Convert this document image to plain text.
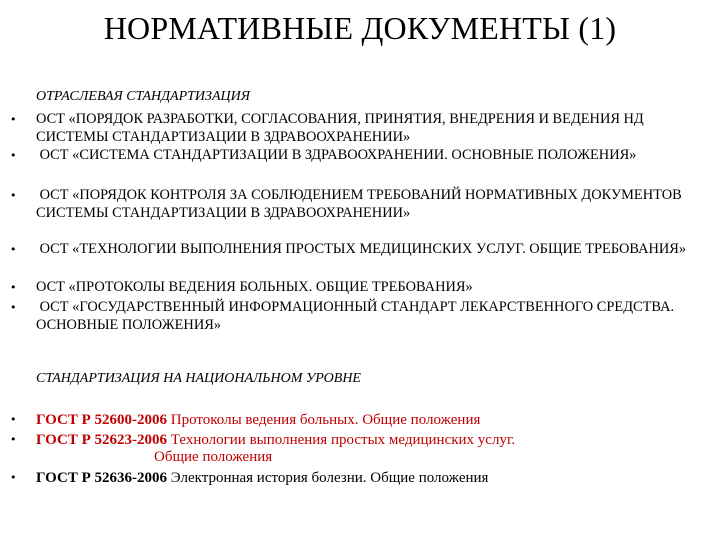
НОРМАТИВНЫЕ ДОКУМЕНТЫ (1)
ОТРАСЛЕВАЯ СТАНДАРТИЗАЦИЯ
• ОСТ «ПОРЯДОК РАЗРАБОТКИ, СОГЛАСОВАНИЯ, ПРИНЯТИЯ, ВНЕДРЕНИЯ И ВЕДЕНИЯ НД СИСТЕМЫ СТАНДАРТИЗАЦИИ В ЗДРАВООХРАНЕНИИ»
• ОСТ «СИСТЕМА СТАНДАРТИЗАЦИИ В ЗДРАВООХРАНЕНИИ. ОСНОВНЫЕ ПОЛОЖЕНИЯ»
• ОСТ «ПОРЯДОК КОНТРОЛЯ ЗА СОБЛЮДЕНИЕМ ТРЕБОВАНИЙ НОРМАТИВНЫХ ДОКУМЕНТОВ СИСТЕМЫ СТАНДАРТИЗАЦИИ В ЗДРАВООХРАНЕНИИ»
• ОСТ «ТЕХНОЛОГИИ ВЫПОЛНЕНИЯ ПРОСТЫХ МЕДИЦИНСКИХ УСЛУГ. ОБЩИЕ ТРЕБОВАНИЯ»
• ОСТ «ПРОТОКОЛЫ ВЕДЕНИЯ БОЛЬНЫХ. ОБЩИЕ ТРЕБОВАНИЯ»
• ОСТ «ГОСУДАРСТВЕННЫЙ ИНФОРМАЦИОННЫЙ СТАНДАРТ ЛЕКАРСТВЕННОГО СРЕДСТВА. ОСНОВНЫЕ ПОЛОЖЕНИЯ»
СТАНДАРТИЗАЦИЯ НА НАЦИОНАЛЬНОМ УРОВНЕ
• ГОСТ Р 52600-2006 Протоколы ведения больных. Общие положения
• ГОСТ Р 52623-2006 Технологии выполнения простых медицинских услуг.
Общие положения
• ГОСТ Р 52636-2006 Электронная история болезни. Общие положения
